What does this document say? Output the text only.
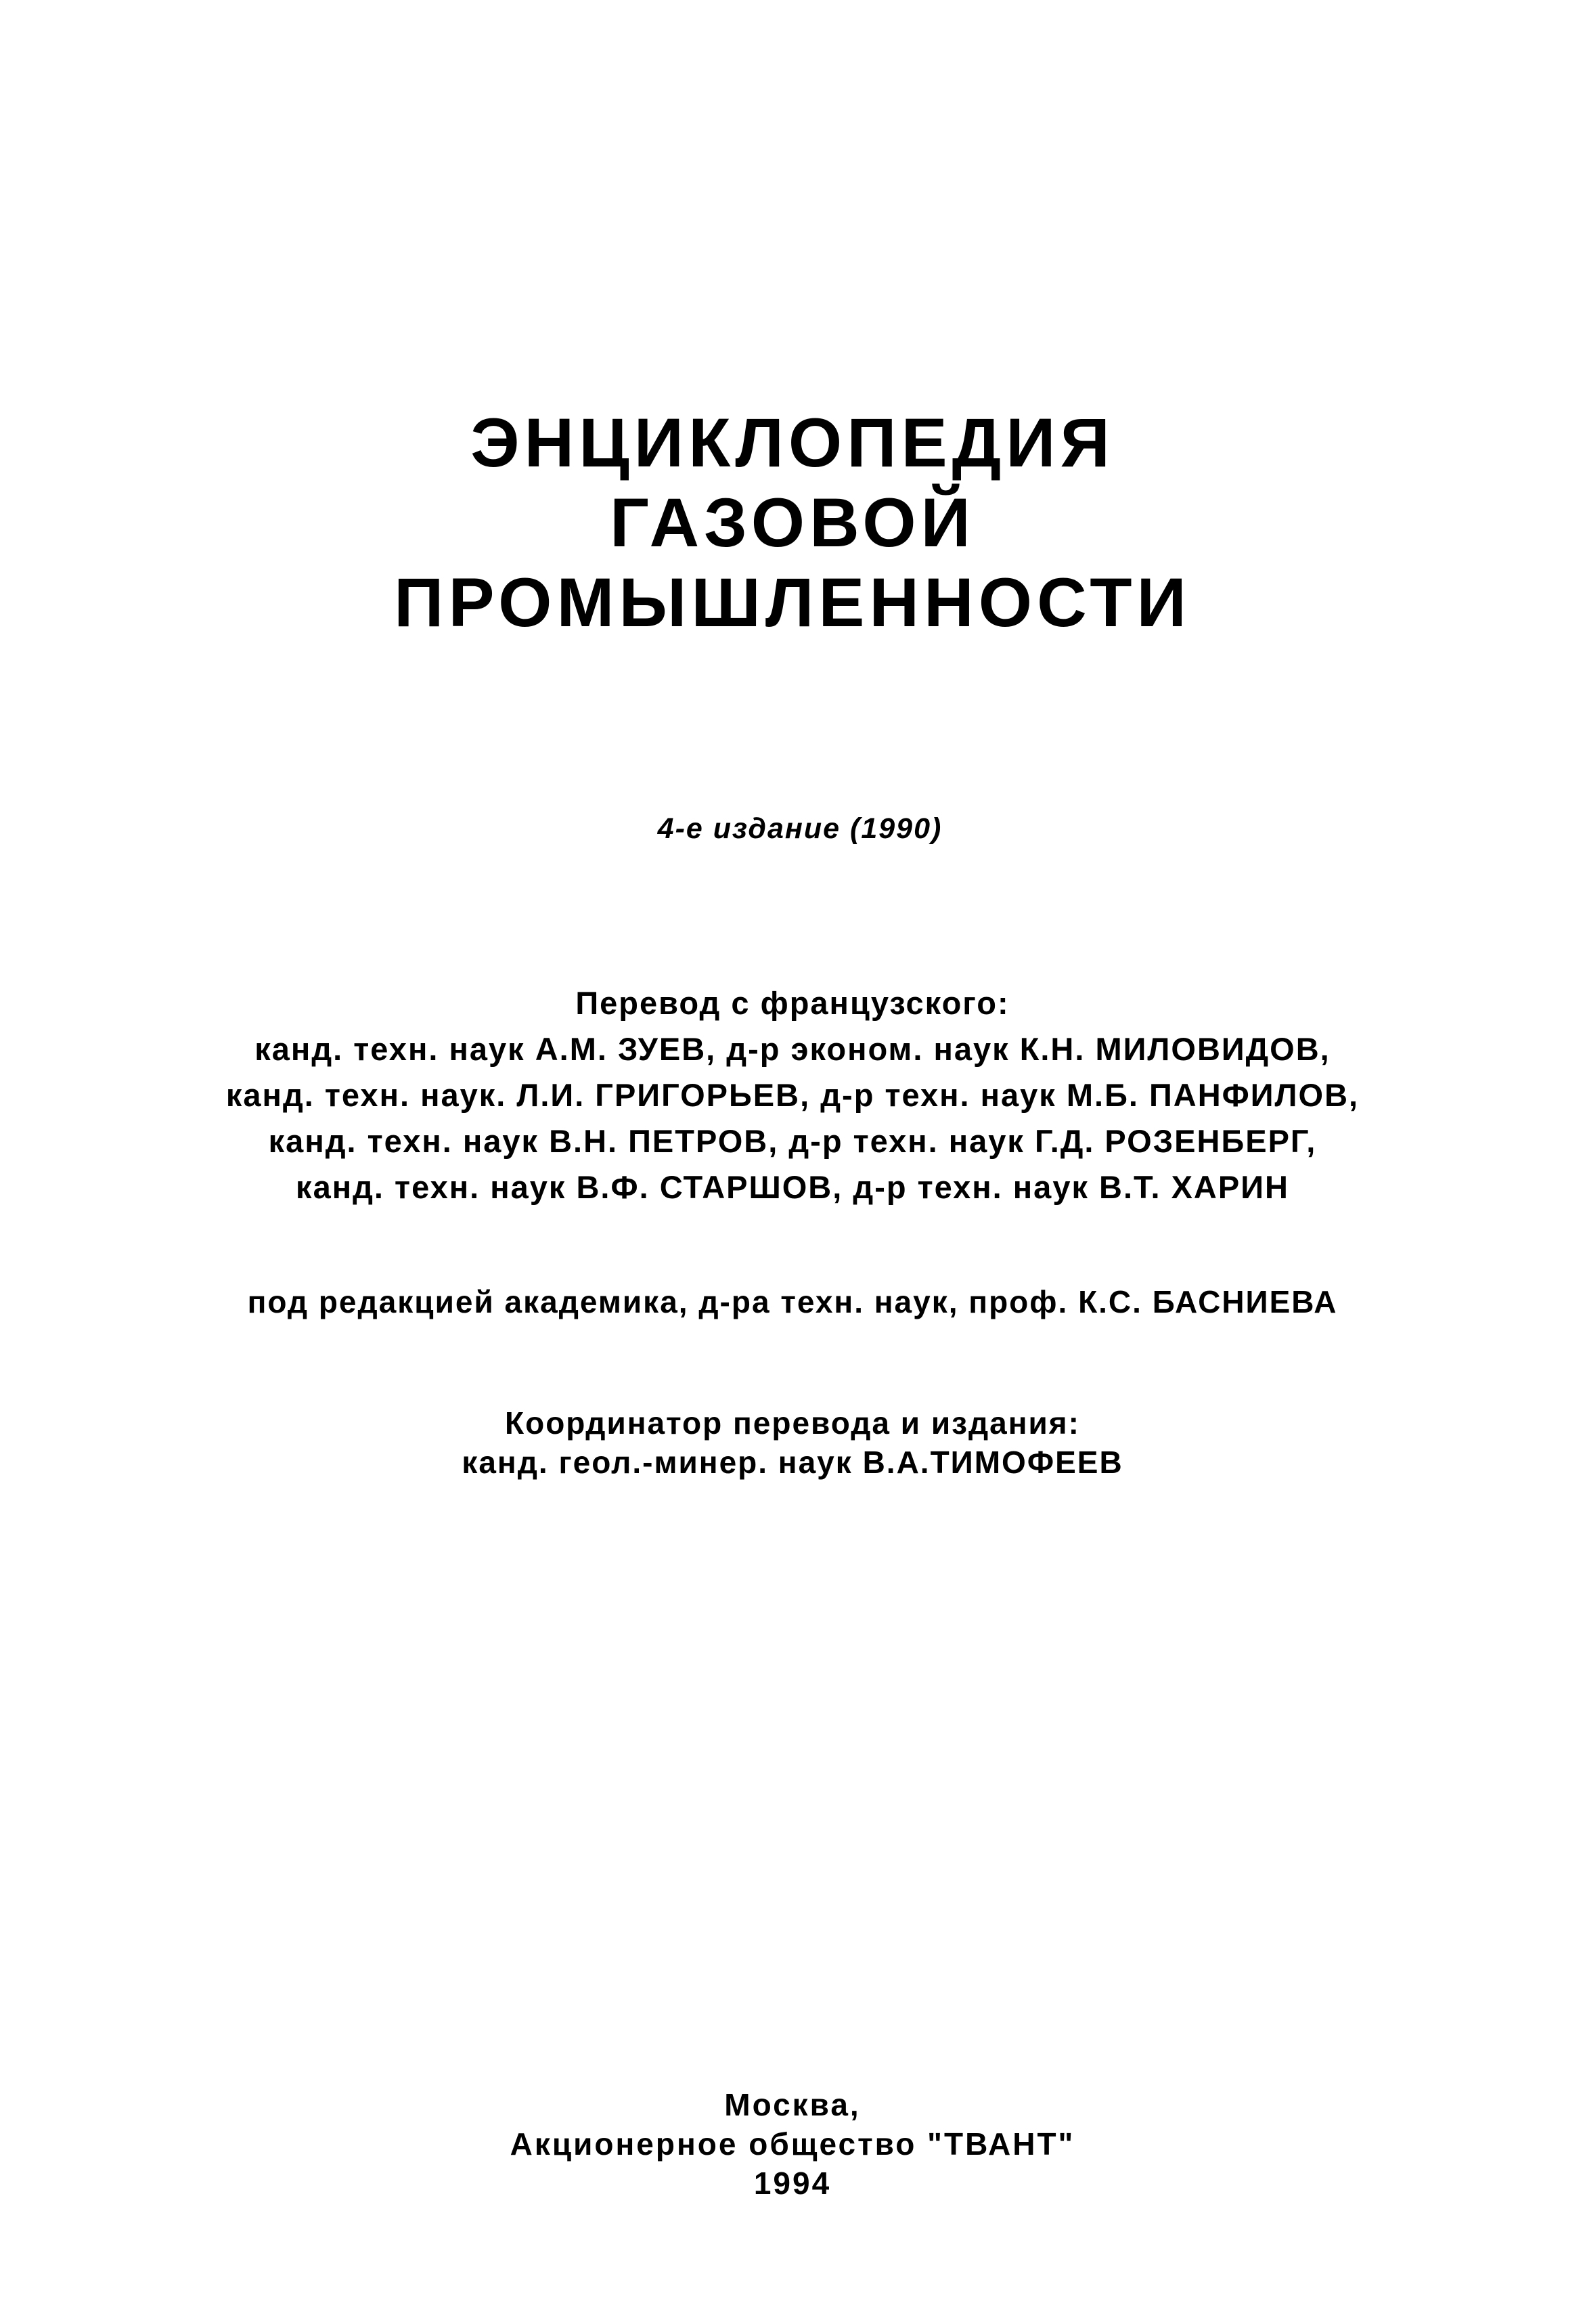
ЭНЦИКЛОПЕДИЯ
ГАЗОВОЙ
ПРОМЫШЛЕННОСТИ
4-е издание (1990)
Перевод с французского:
канд. техн. наук А.М. ЗУЕВ, д-р эконом. наук К.Н. МИЛОВИДОВ,
канд. техн. наук. Л.И. ГРИГОРЬЕВ, д-р техн. наук М.Б. ПАНФИЛОВ,
канд. техн. наук В.Н. ПЕТРОВ, д-р техн. наук Г.Д. РОЗЕНБЕРГ,
канд. техн. наук В.Ф. СТАРШОВ, д-р техн. наук В.Т. ХАРИН
под редакцией академика, д-ра техн. наук, проф. К.С. БАСНИЕВА
Координатор перевода и издания:
канд. геол.-минер. наук В.А.ТИМОФЕЕВ
Москва,
Акционерное общество "ТВАНТ"
1994
